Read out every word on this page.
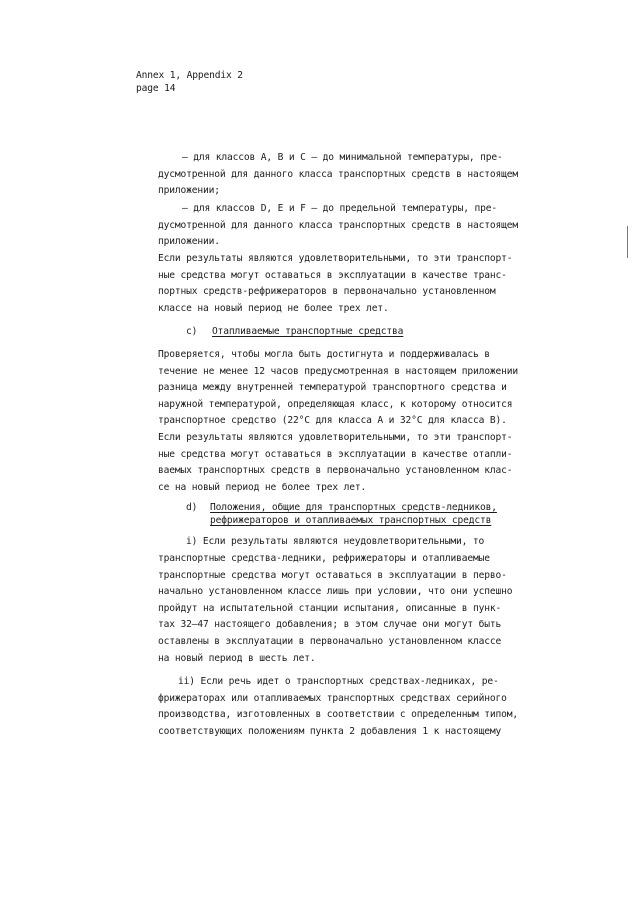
Annex 1, Appendix 2
page 14
– для классов A, B и C – до минимальной температуры, пре-
дусмотренной для данного класса транспортных средств в настоящем
приложении;
– для классов D, E и F – до предельной температуры, пре-
дусмотренной для данного класса транспортных средств в настоящем
приложении.
Если результаты являются удовлетворительными, то эти транспорт-
ные средства могут оставаться в эксплуатации в качестве транс-
портных средств-рефрижераторов в первоначально установленном
классе на новый период не более трех лет.
c) Отапливаемые транспортные средства
Проверяется, чтобы могла быть достигнута и поддерживалась в
течение не менее 12 часов предусмотренная в настоящем приложении
разница между внутренней температурой транспортного средства и
наружной температурой, определяющая класс, к которому относится
транспортное средство (22°C для класса A и 32°C для класса B).
Если результаты являются удовлетворительными, то эти транспорт-
ные средства могут оставаться в эксплуатации в качестве отапли-
ваемых транспортных средств в первоначально установленном клас-
се на новый период не более трех лет.
d) Положения, общие для транспортных средств-ледников,
рефрижераторов и отапливаемых транспортных средств
i) Если результаты являются неудовлетворительными, то
транспортные средства-ледники, рефрижераторы и отапливаемые
транспортные средства могут оставаться в эксплуатации в перво-
начально установленном классе лишь при условии, что они успешно
пройдут на испытательной станции испытания, описанные в пунк-
тах 32–47 настоящего добавления; в этом случае они могут быть
оставлены в эксплуатации в первоначально установленном классе
на новый период в шесть лет.
ii) Если речь идет о транспортных средствах-ледниках, ре-
фрижераторах или отапливаемых транспортных средствах серийного
производства, изготовленных в соответствии с определенным типом,
соответствующих положениям пункта 2 добавления 1 к настоящему
